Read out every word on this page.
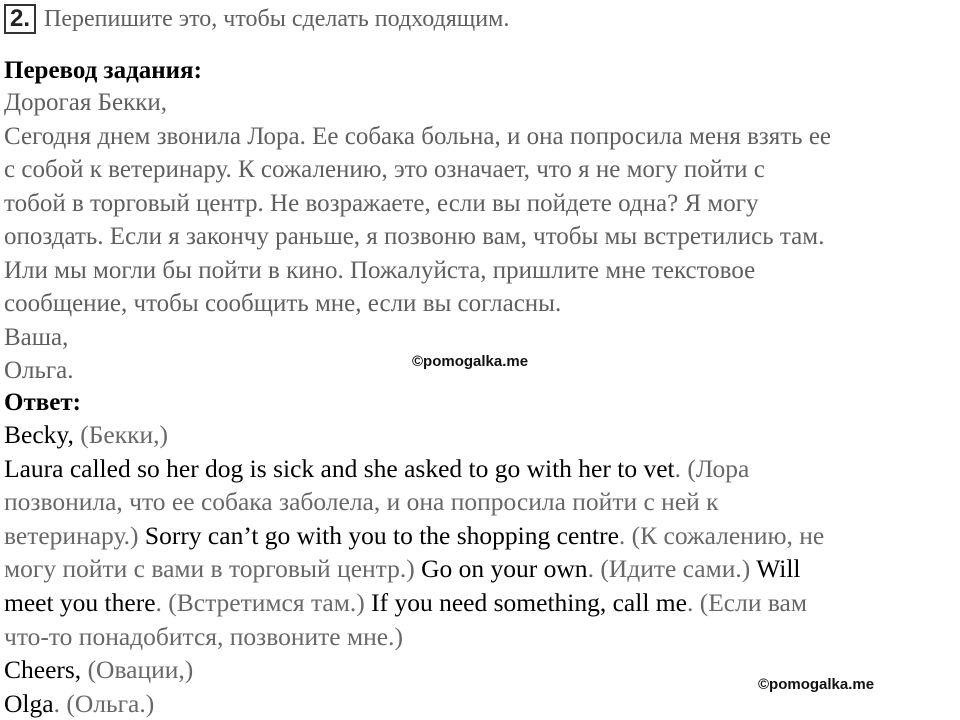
2. Перепишите это, чтобы сделать подходящим.
Перевод задания:
Дорогая Бекки,
Сегодня днем звонила Лора. Ее собака больна, и она попросила меня взять ее
с собой к ветеринару. К сожалению, это означает, что я не могу пойти с
тобой в торговый центр. Не возражаете, если вы пойдете одна? Я могу
опоздать. Если я закончу раньше, я позвоню вам, чтобы мы встретились там.
Или мы могли бы пойти в кино. Пожалуйста, пришлите мне текстовое
сообщение, чтобы сообщить мне, если вы согласны.
Ваша,
Ольга.
Ответ:
Becky, (Бекки,)
Laura called so her dog is sick and she asked to go with her to vet. (Лора
позвонила, что ее собака заболела, и она попросила пойти с ней к
ветеринару.) Sorry can’t go with you to the shopping centre. (К сожалению, не
могу пойти с вами в торговый центр.) Go on your own. (Идите сами.) Will
meet you there. (Встретимся там.) If you need something, call me. (Если вам
что-то понадобится, позвоните мне.)
Cheers, (Овации,)
Olga. (Ольга.)
©pomogalka.me
©pomogalka.me
